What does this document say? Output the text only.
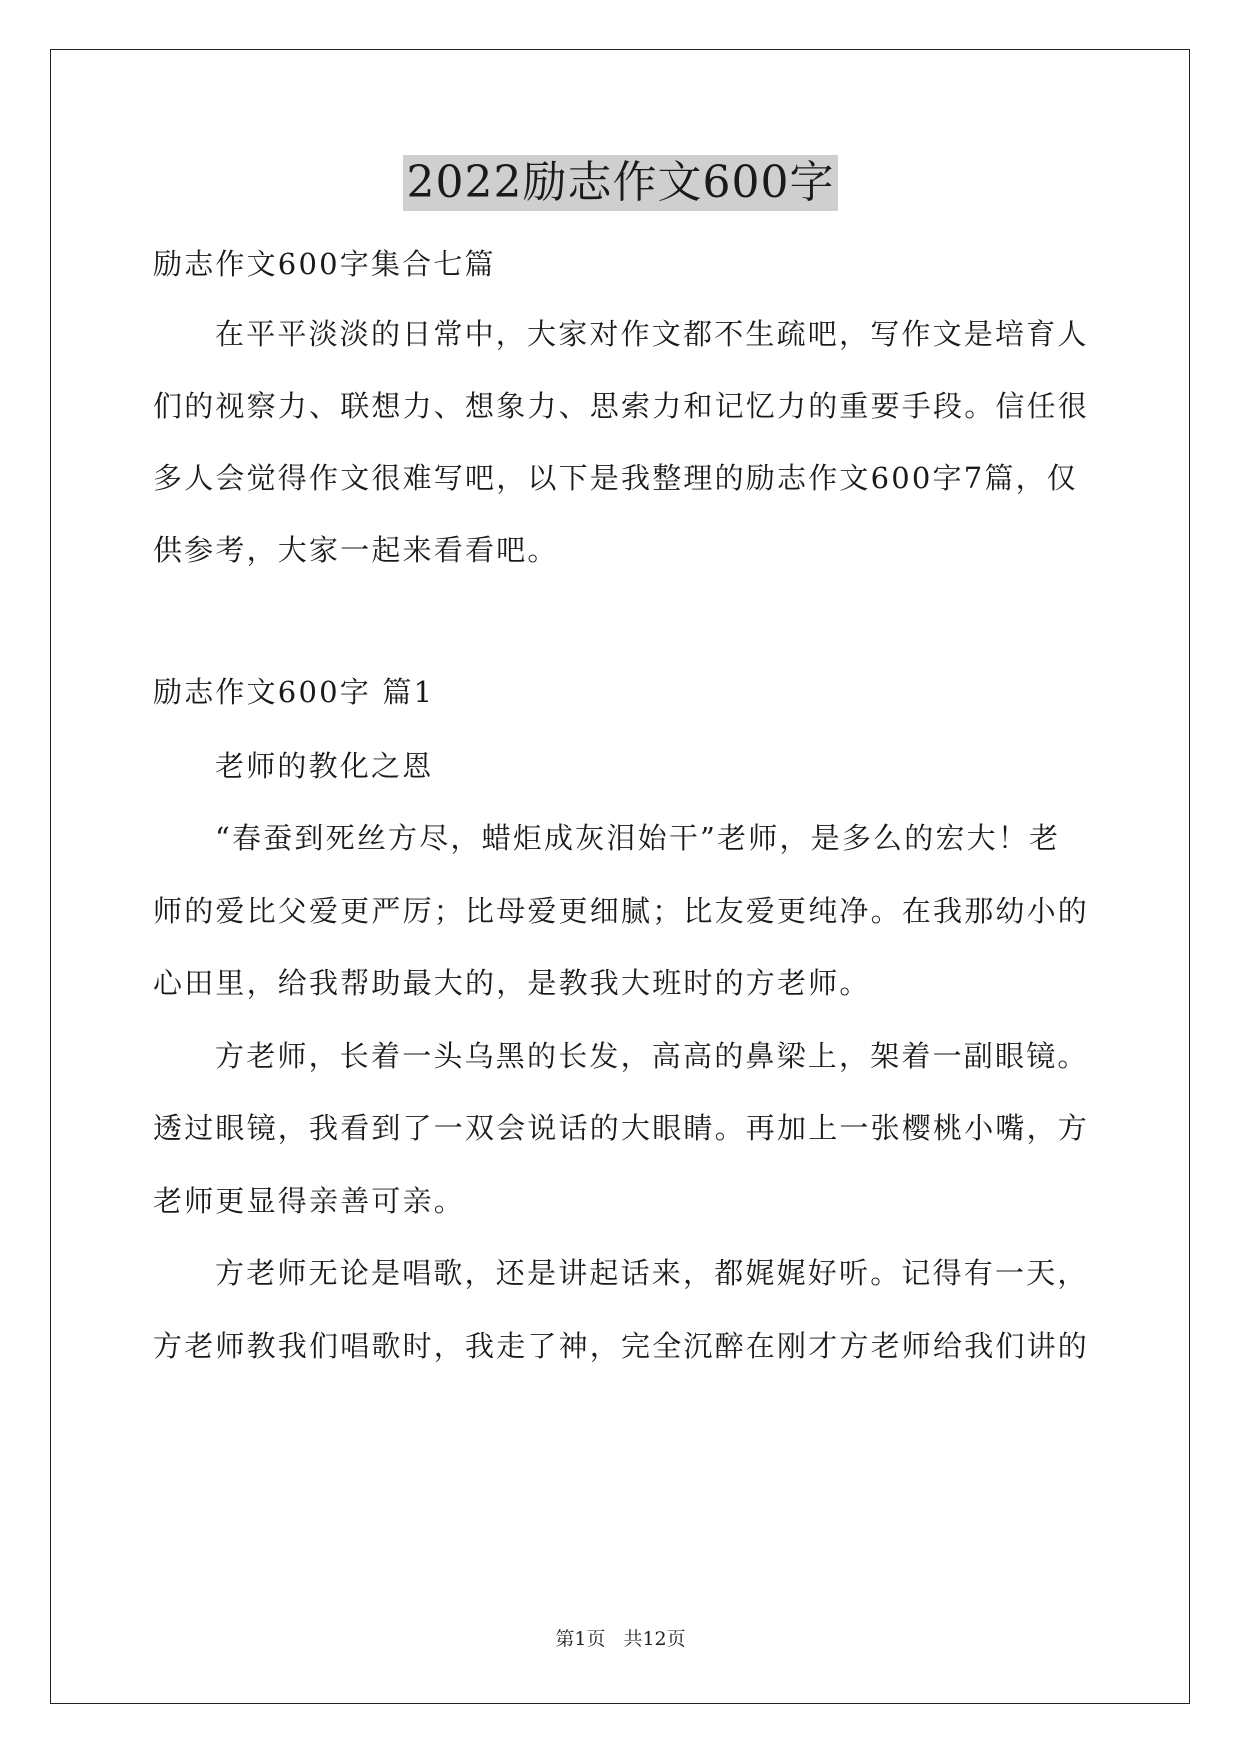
2022励志作文600字
励志作文600字集合七篇
在平平淡淡的日常中，大家对作文都不生疏吧，写作文是培育人
们的视察力、联想力、想象力、思索力和记忆力的重要手段。信任很
多人会觉得作文很难写吧，以下是我整理的励志作文600字7篇，仅
供参考，大家一起来看看吧。
励志作文600字 篇1
老师的教化之恩
“春蚕到死丝方尽，蜡炬成灰泪始干”老师，是多么的宏大！老
师的爱比父爱更严厉；比母爱更细腻；比友爱更纯净。在我那幼小的
心田里，给我帮助最大的，是教我大班时的方老师。
方老师，长着一头乌黑的长发，高高的鼻梁上，架着一副眼镜。
透过眼镜，我看到了一双会说话的大眼睛。再加上一张樱桃小嘴，方
老师更显得亲善可亲。
方老师无论是唱歌，还是讲起话来，都娓娓好听。记得有一天，
方老师教我们唱歌时，我走了神，完全沉醉在刚才方老师给我们讲的
第1页 共12页
